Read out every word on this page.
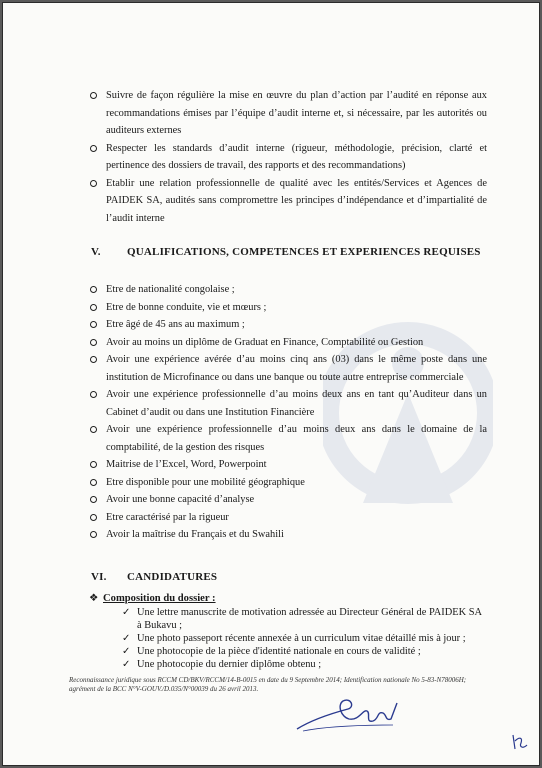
Suivre de façon régulière la mise en œuvre du plan d’action par l’audité en réponse aux recommandations émises par l’équipe d’audit interne et, si nécessaire, par les autorités ou auditeurs externes
Respecter les standards d’audit interne (rigueur, méthodologie, précision, clarté et pertinence des dossiers de travail, des rapports et des recommandations)
Etablir une relation professionnelle de qualité avec les entités/Services et Agences de PAIDEK SA, audités sans compromettre les principes d’indépendance et d’impartialité de l’audit interne
V. QUALIFICATIONS, COMPETENCES ET EXPERIENCES REQUISES
Etre de nationalité congolaise ;
Etre de bonne conduite, vie et mœurs ;
Etre âgé de 45 ans au maximum ;
Avoir au moins un diplôme de Graduat en Finance, Comptabilité ou Gestion
Avoir une expérience avérée d’au moins cinq ans (03) dans le même poste dans une institution de Microfinance ou dans une banque ou toute autre entreprise commerciale
Avoir une expérience professionnelle d’au moins deux ans en tant qu’Auditeur dans un Cabinet d’audit ou dans une Institution Financière
Avoir une expérience professionnelle d’au moins deux ans dans le domaine de la comptabilité, de la gestion des risques
Maitrise de l’Excel, Word, Powerpoint
Etre disponible pour une mobilité géographique
Avoir une bonne capacité d’analyse
Etre caractérisé par la rigueur
Avoir la maîtrise du Français et du Swahili
VI. CANDIDATURES
❖ Composition du dossier :
✓ Une lettre manuscrite de motivation adressée au Directeur Général de PAIDEK SA à Bukavu ;
✓ Une photo passeport récente annexée à un curriculum vitae détaillé mis à jour ;
✓ Une photocopie de la pièce d'identité nationale en cours de validité ;
✓ Une photocopie du dernier diplôme obtenu ;

Reconnaissance juridique sous RCCM CD/BKV/RCCM/14-B-0015 en date du 9 Septembre 2014; Identification nationale No 5-83-N78006H;

agrément de la BCC N°V-GOUV./D.035/N°00039 du 26 avril 2013.
